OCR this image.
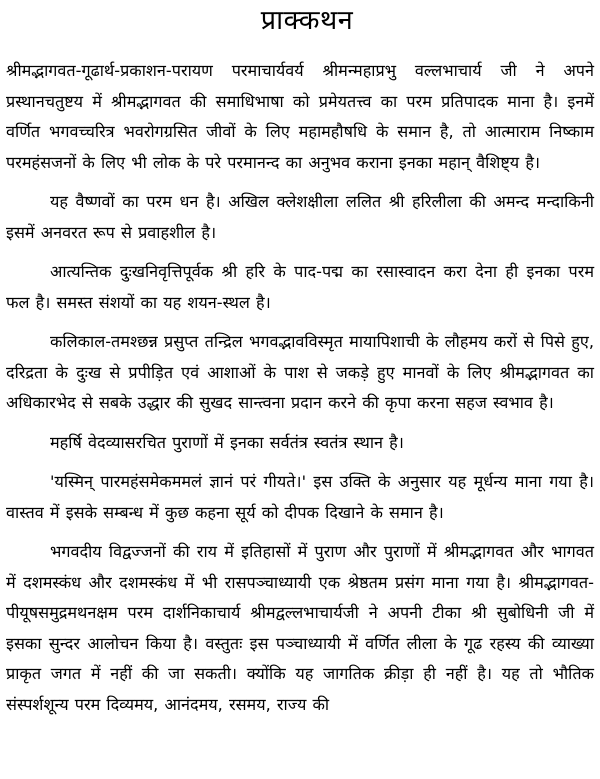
प्राक्कथन

श्रीमद्भागवत-गूढार्थ-प्रकाशन-परायण परमाचार्यवर्य श्रीमन्महाप्रभु वल्लभाचार्य जी ने अपने प्रस्थानचतुष्टय में श्रीमद्भागवत की समाधिभाषा को प्रमेयतत्त्व का परम प्रतिपादक माना है। इनमें वर्णित भगवच्चरित्र भवरोगग्रसित जीवों के लिए महामहौषधि के समान है, तो आत्माराम निष्काम परमहंसजनों के लिए भी लोक के परे परमानन्द का अनुभव कराना इनका महान् वैशिष्ट्य है।

यह वैष्णवों का परम धन है। अखिल क्लेशक्षीला ललित श्री हरिलीला की अमन्द मन्दाकिनी इसमें अनवरत रूप से प्रवाहशील है।

आत्यन्तिक दुःखनिवृत्तिपूर्वक श्री हरि के पाद-पद्म का रसास्वादन करा देना ही इनका परम फल है। समस्त संशयों का यह शयन-स्थल है।

कलिकाल-तमश्छन्न प्रसुप्त तन्द्रिल भगवद्भावविस्मृत मायापिशाची के लौहमय करों से पिसे हुए, दरिद्रता के दुःख से प्रपीड़ित एवं आशाओं के पाश से जकड़े हुए मानवों के लिए श्रीमद्भागवत का अधिकारभेद से सबके उद्धार की सुखद सान्त्वना प्रदान करने की कृपा करना सहज स्वभाव है।

महर्षि वेदव्यासरचित पुराणों में इनका सर्वतंत्र स्वतंत्र स्थान है।

'यस्मिन् पारमहंसमेकममलं ज्ञानं परं गीयते।' इस उक्ति के अनुसार यह मूर्धन्य माना गया है। वास्तव में इसके सम्बन्ध में कुछ कहना सूर्य को दीपक दिखाने के समान है।

भगवदीय विद्वज्जनों की राय में इतिहासों में पुराण और पुराणों में श्रीमद्भागवत और भागवत में दशमस्कंध और दशमस्कंध में भी रासपञ्चाध्यायी एक श्रेष्ठतम प्रसंग माना गया है। श्रीमद्भागवत-पीयूषसमुद्रमथनक्षम परम दार्शनिकाचार्य श्रीमद्वल्लभाचार्यजी ने अपनी टीका श्री सुबोधिनी जी में इसका सुन्दर आलोचन किया है। वस्तुतः इस पञ्चाध्यायी में वर्णित लीला के गूढ रहस्य की व्याख्या प्राकृत जगत में नहीं की जा सकती। क्योंकि यह जागतिक क्रीड़ा ही नहीं है। यह तो भौतिक संस्पर्शशून्य परम दिव्यमय, आनंदमय, रसमय, राज्य की
